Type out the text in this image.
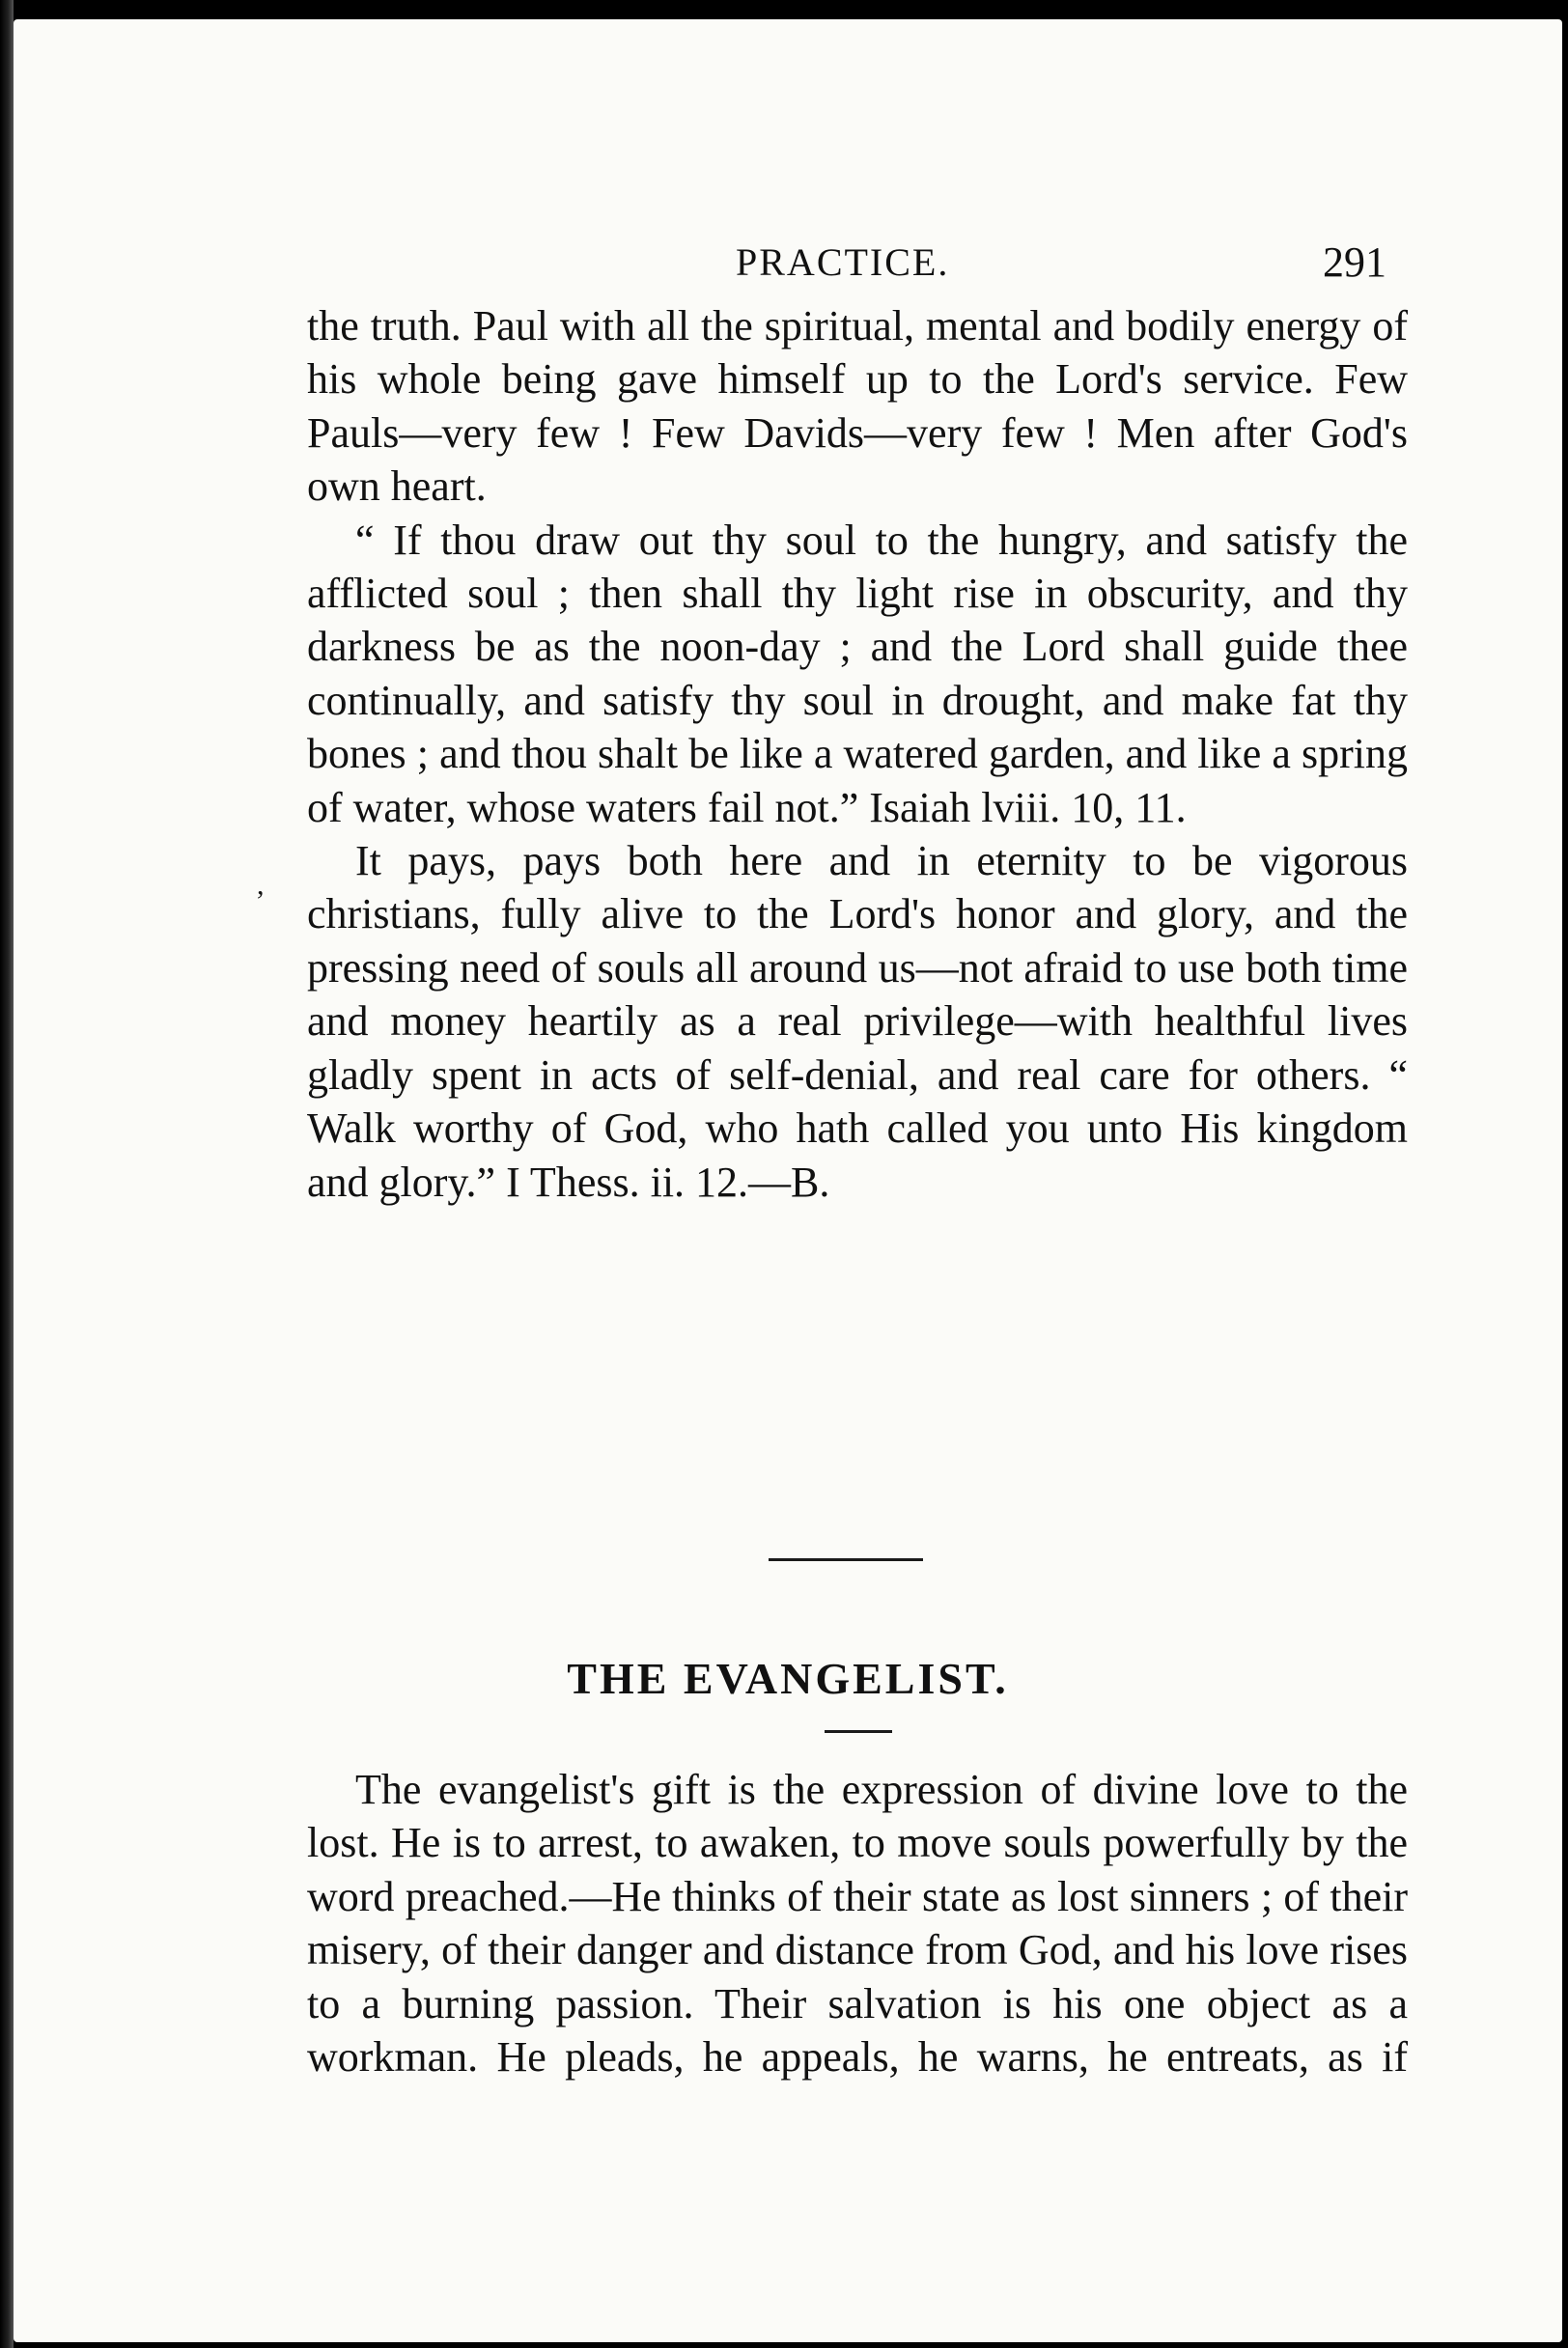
PRACTICE.	291

the truth. Paul with all the spiritual, mental and bodily energy of his whole being gave himself up to the Lord's service. Few Pauls—very few ! Few Davids—very few ! Men after God's own heart.

“ If thou draw out thy soul to the hungry, and satisfy the afflicted soul ; then shall thy light rise in obscurity, and thy darkness be as the noon-day ; and the Lord shall guide thee continually, and satisfy thy soul in drought, and make fat thy bones ; and thou shalt be like a watered garden, and like a spring of water, whose waters fail not.” Isaiah lviii. 10, 11.

It pays, pays both here and in eternity to be vigorous christians, fully alive to the Lord's honor and glory, and the pressing need of souls all around us—not afraid to use both time and money heartily as a real privilege—with healthful lives gladly spent in acts of self-denial, and real care for others. “ Walk worthy of God, who hath called you unto His kingdom and glory.” I Thess. ii. 12.—B.

,
THE EVANGELIST.

The evangelist's gift is the expression of divine love to the lost. He is to arrest, to awaken, to move souls powerfully by the word preached.—He thinks of their state as lost sinners ; of their misery, of their danger and distance from God, and his love rises to a burning passion. Their salvation is his one object as a workman. He pleads, he appeals, he warns, he entreats, as if
